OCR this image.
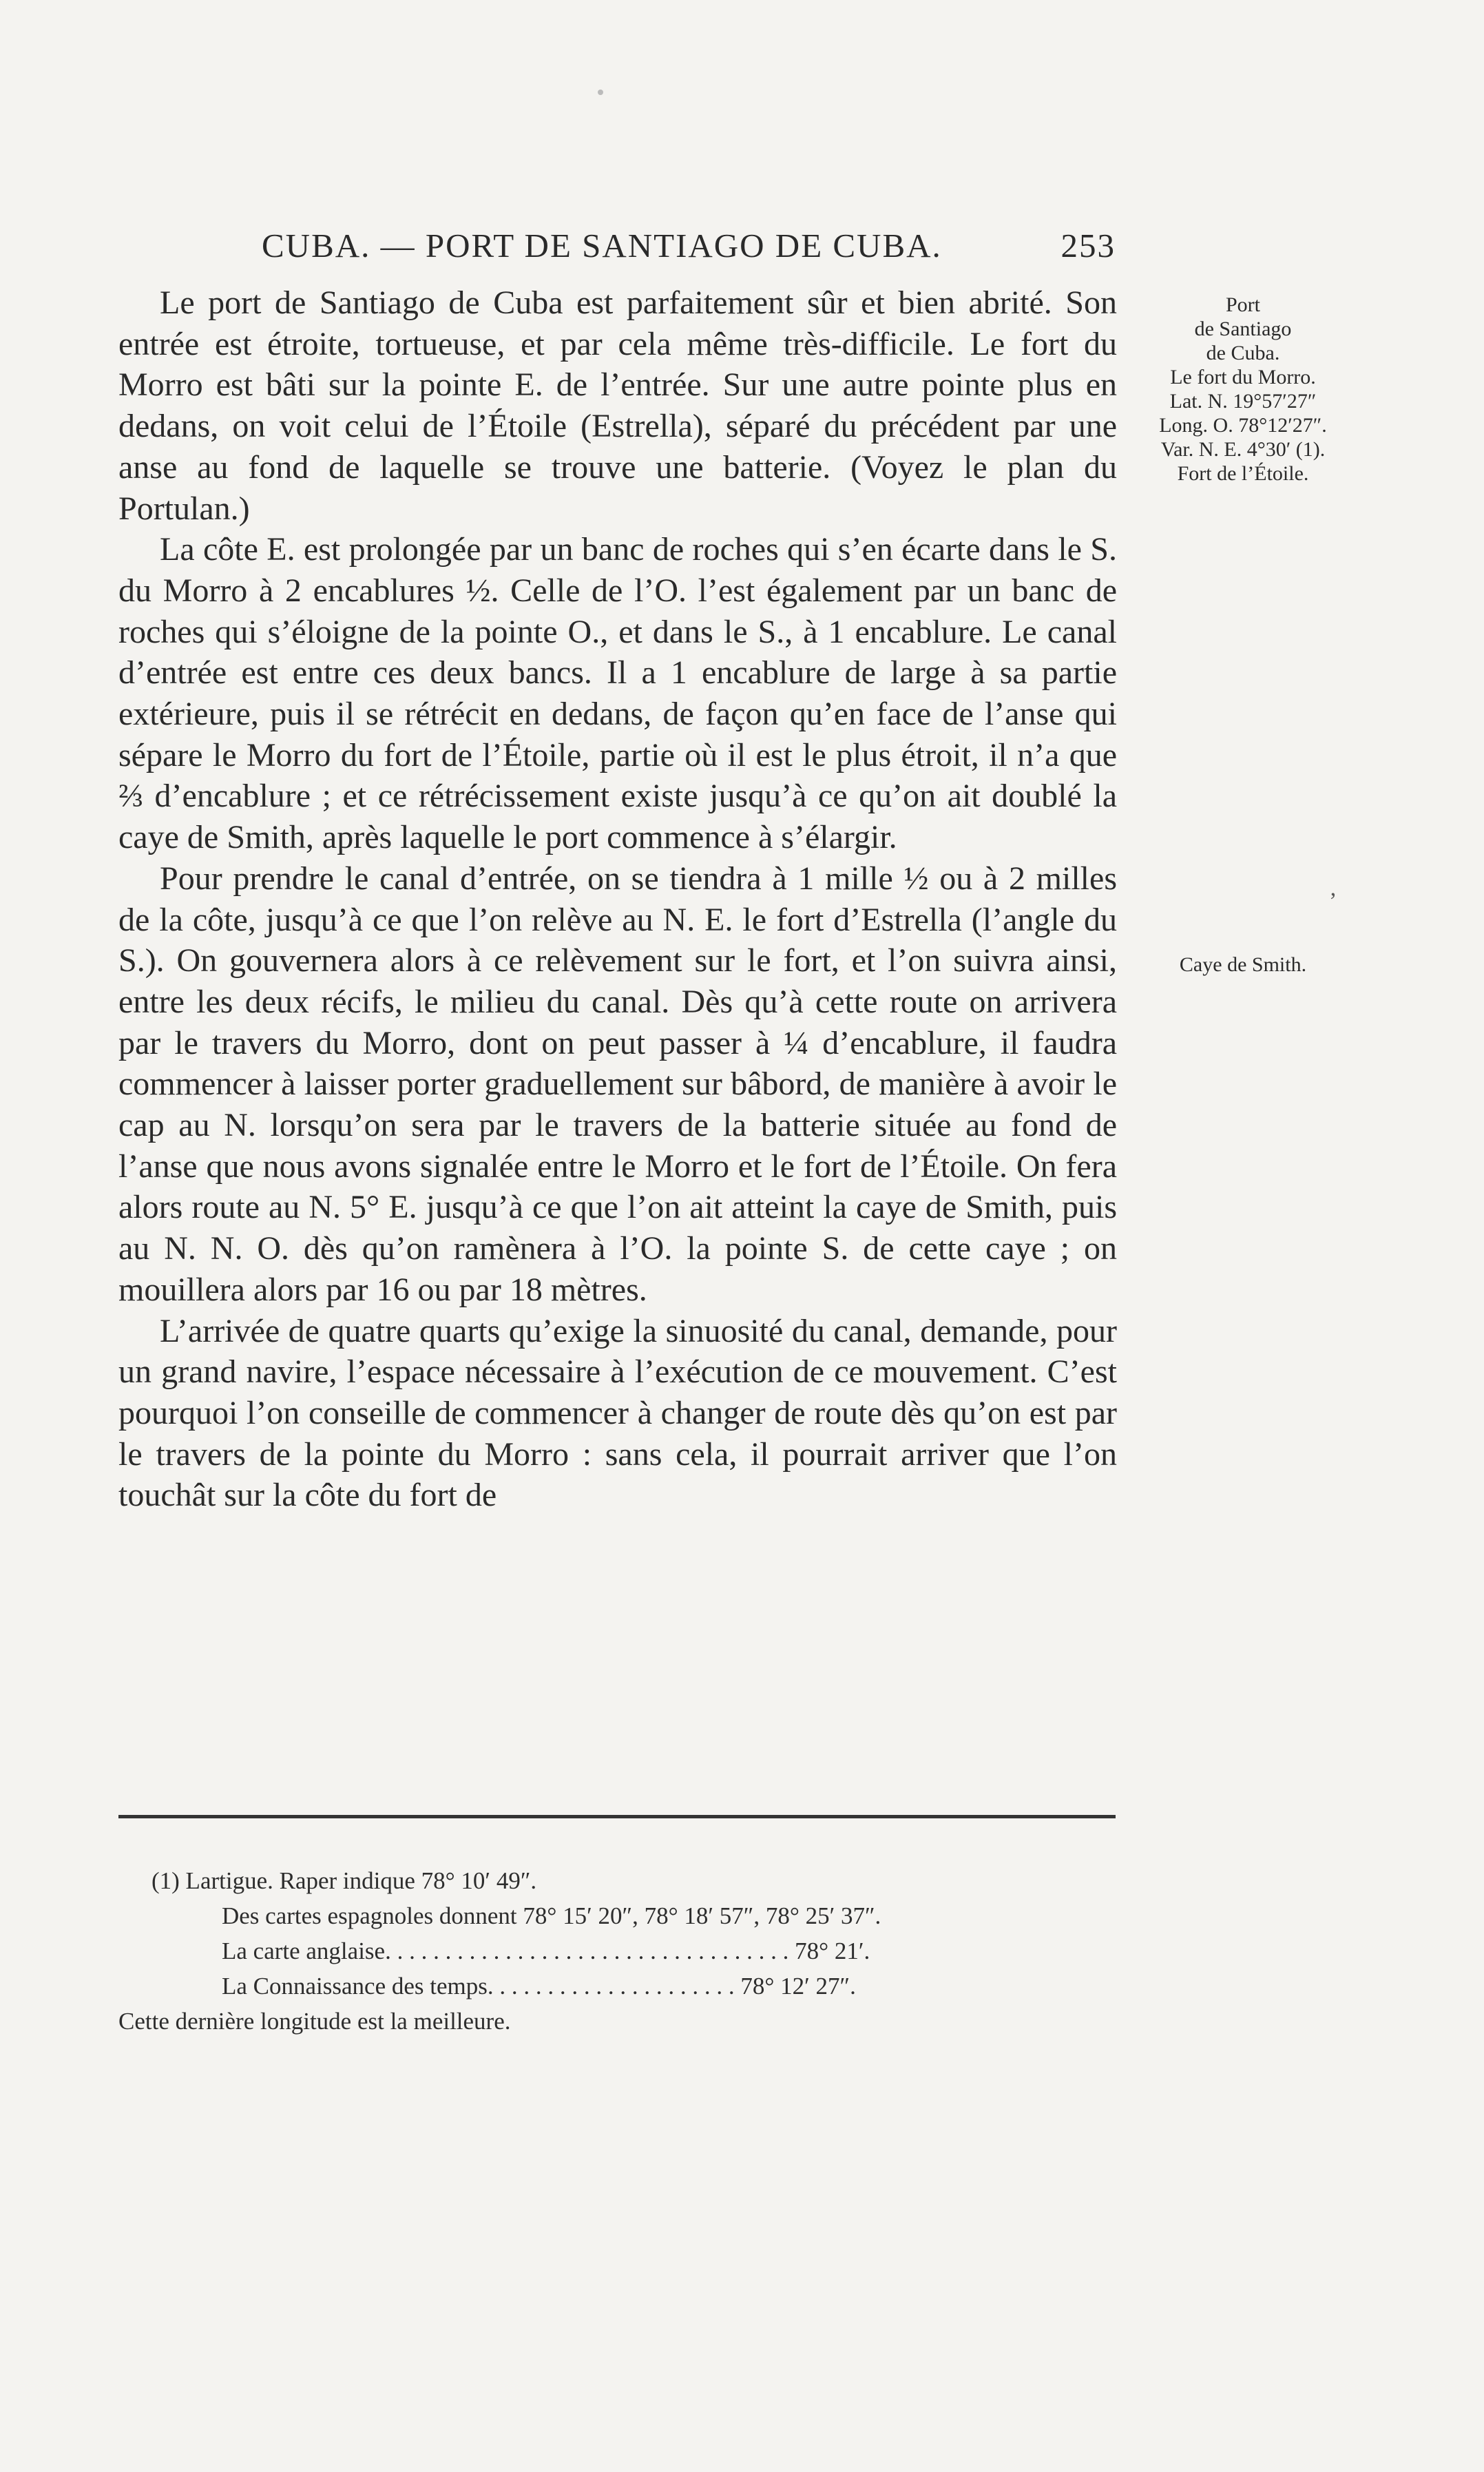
CUBA. — PORT DE SANTIAGO DE CUBA.	253

Le port de Santiago de Cuba est parfaitement sûr et bien abrité. Son entrée est étroite, tortueuse, et par cela même très-difficile. Le fort du Morro est bâti sur la pointe E. de l’entrée. Sur une autre pointe plus en dedans, on voit celui de l’Étoile (Estrella), séparé du précédent par une anse au fond de laquelle se trouve une batterie. (Voyez le plan du Portulan.)

La côte E. est prolongée par un banc de roches qui s’en écarte dans le S. du Morro à 2 encablures ½. Celle de l’O. l’est également par un banc de roches qui s’éloigne de la pointe O., et dans le S., à 1 encablure. Le canal d’entrée est entre ces deux bancs. Il a 1 encablure de large à sa partie extérieure, puis il se rétrécit en dedans, de façon qu’en face de l’anse qui sépare le Morro du fort de l’Étoile, partie où il est le plus étroit, il n’a que ⅔ d’encablure ; et ce rétrécissement existe jusqu’à ce qu’on ait doublé la caye de Smith, après laquelle le port commence à s’élargir.

Pour prendre le canal d’entrée, on se tiendra à 1 mille ½ ou à 2 milles de la côte, jusqu’à ce que l’on relève au N. E. le fort d’Estrella (l’angle du S.). On gouvernera alors à ce relèvement sur le fort, et l’on suivra ainsi, entre les deux récifs, le milieu du canal. Dès qu’à cette route on arrivera par le travers du Morro, dont on peut passer à ¼ d’encablure, il faudra commencer à laisser porter graduellement sur bâbord, de manière à avoir le cap au N. lorsqu’on sera par le travers de la batterie située au fond de l’anse que nous avons signalée entre le Morro et le fort de l’Étoile. On fera alors route au N. 5° E. jusqu’à ce que l’on ait atteint la caye de Smith, puis au N. N. O. dès qu’on ramènera à l’O. la pointe S. de cette caye ; on mouillera alors par 16 ou par 18 mètres.

L’arrivée de quatre quarts qu’exige la sinuosité du canal, demande, pour un grand navire, l’espace nécessaire à l’exécution de ce mouvement. C’est pourquoi l’on conseille de commencer à changer de route dès qu’on est par le travers de la pointe du Morro : sans cela, il pourrait arriver que l’on touchât sur la côte du fort de

Port
de Santiago
de Cuba.
Le fort du Morro.
Lat. N. 19°57′27″
Long. O. 78°12′27″.
Var. N. E. 4°30′ (1).
Fort de l’Étoile.
Caye de Smith.
ʼ
(1) Lartigue. Raper indique 78° 10′ 49″.
Des cartes espagnoles donnent 78° 15′ 20″, 78° 18′ 57″, 78° 25′ 37″.
La carte anglaise. . . . . . . . . . . . . . . . . . . . . . . . . . . . . . . . . . 78° 21′.
La Connaissance des temps. . . . . . . . . . . . . . . . . . . . . 78° 12′ 27″.
Cette dernière longitude est la meilleure.
